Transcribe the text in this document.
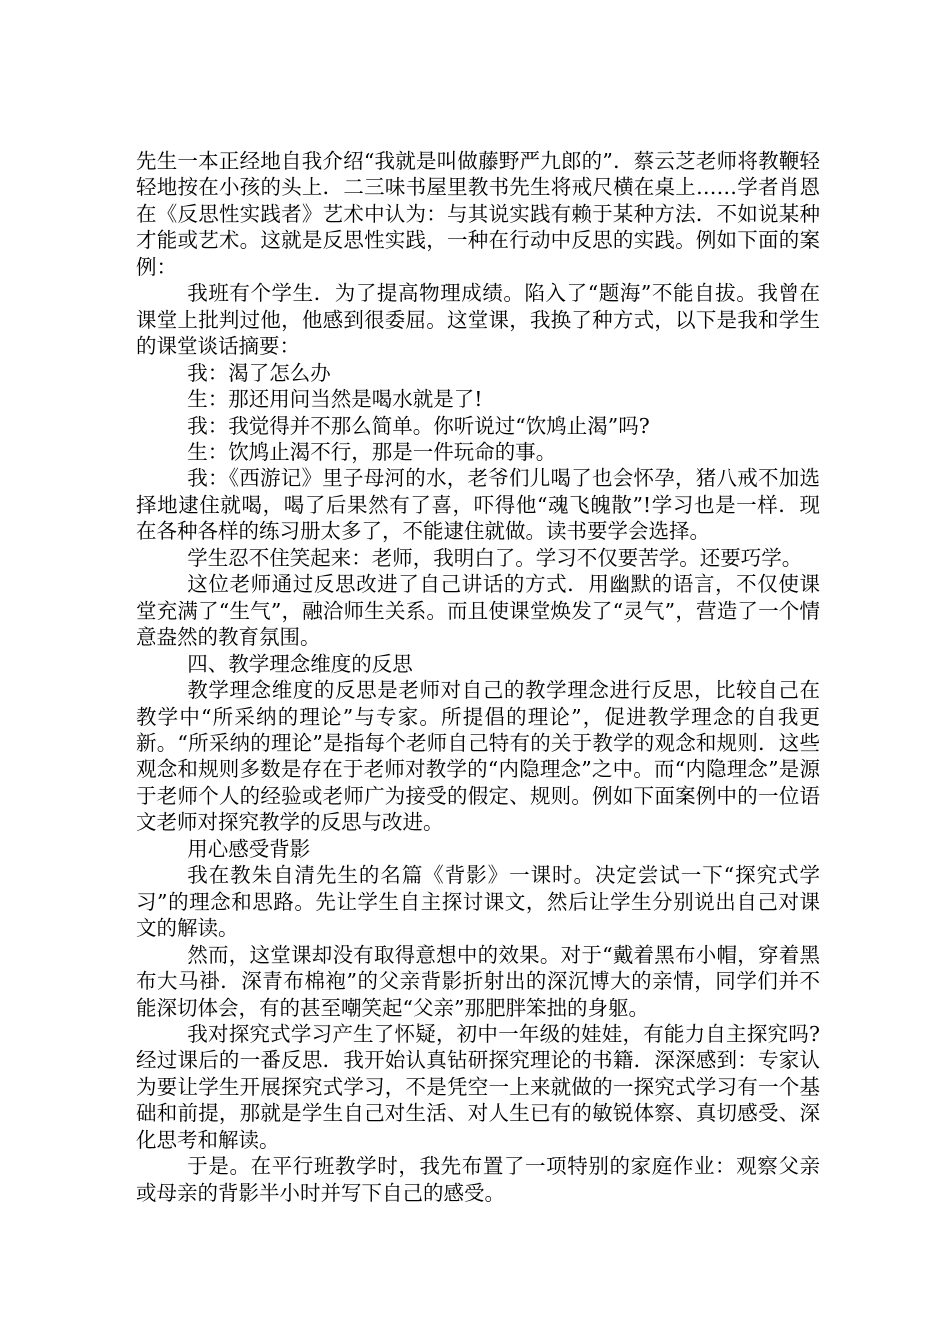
先生一本正经地自我介绍“我就是叫做藤野严九郎的”．蔡云芝老师将教鞭轻轻地按在小孩的头上．二三味书屋里教书先生将戒尺横在桌上……学者肖恩在《反思性实践者》艺术中认为：与其说实践有赖于某种方法．不如说某种才能或艺术。这就是反思性实践，一种在行动中反思的实践。例如下面的案例：

我班有个学生．为了提高物理成绩。陷入了“题海”不能自拔。我曾在课堂上批判过他，他感到很委屈。这堂课，我换了种方式，以下是我和学生的课堂谈话摘要：

我：渴了怎么办

生：那还用问当然是喝水就是了!

我：我觉得并不那么简单。你听说过“饮鸠止渴”吗?

生：饮鸠止渴不行，那是一件玩命的事。

我：《西游记》里子母河的水，老爷们儿喝了也会怀孕，猪八戒不加选择地逮住就喝，喝了后果然有了喜，吓得他“魂飞魄散”!学习也是一样．现在各种各样的练习册太多了，不能逮住就做。读书要学会选择。

学生忍不住笑起来：老师，我明白了。学习不仅要苦学。还要巧学。

这位老师通过反思改进了自己讲话的方式．用幽默的语言，不仅使课堂充满了“生气”，融洽师生关系。而且使课堂焕发了“灵气”，营造了一个情意盎然的教育氛围。

四、教学理念维度的反思

教学理念维度的反思是老师对自己的教学理念进行反思，比较自己在教学中“所采纳的理论”与专家。所提倡的理论”，促进教学理念的自我更新。“所采纳的理论”是指每个老师自己特有的关于教学的观念和规则．这些观念和规则多数是存在于老师对教学的“内隐理念”之中。而“内隐理念”是源于老师个人的经验或老师广为接受的假定、规则。例如下面案例中的一位语文老师对探究教学的反思与改进。

用心感受背影

我在教朱自清先生的名篇《背影》一课时。决定尝试一下“探究式学习”的理念和思路。先让学生自主探讨课文，然后让学生分别说出自己对课文的解读。

然而，这堂课却没有取得意想中的效果。对于“戴着黑布小帽，穿着黑布大马褂．深青布棉袍”的父亲背影折射出的深沉博大的亲情，同学们并不能深切体会，有的甚至嘲笑起“父亲”那肥胖笨拙的身躯。

我对探究式学习产生了怀疑，初中一年级的娃娃，有能力自主探究吗?经过课后的一番反思．我开始认真钻研探究理论的书籍．深深感到：专家认为要让学生开展探究式学习，不是凭空一上来就做的一探究式学习有一个基础和前提，那就是学生自己对生活、对人生已有的敏锐体察、真切感受、深化思考和解读。

于是。在平行班教学时，我先布置了一项特别的家庭作业：观察父亲或母亲的背影半小时并写下自己的感受。
